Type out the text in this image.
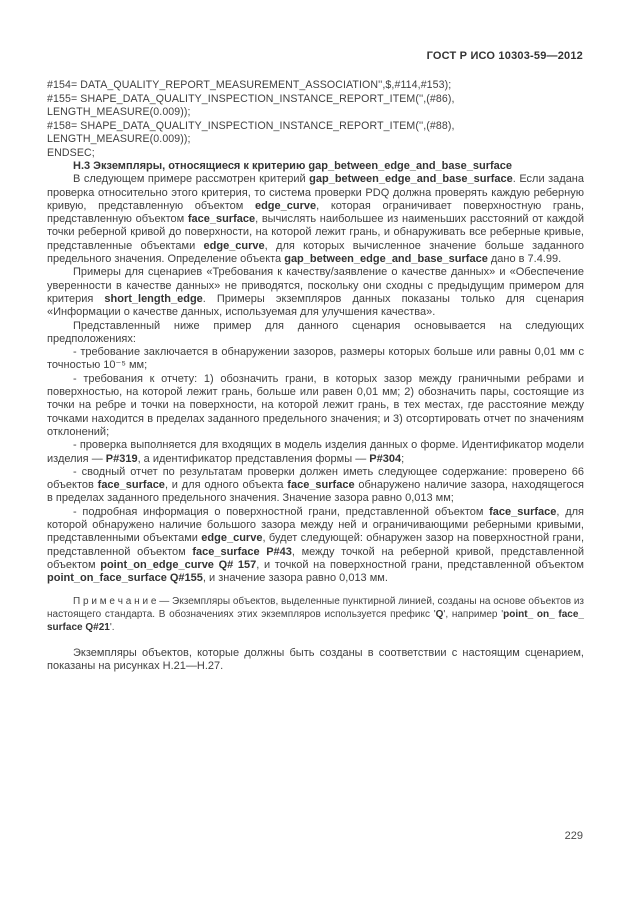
ГОСТ Р ИСО 10303-59—2012
#154= DATA_QUALITY_REPORT_MEASUREMENT_ASSOCIATION'',$,#114,#153);
#155= SHAPE_DATA_QUALITY_INSPECTION_INSTANCE_REPORT_ITEM('',(#86),
LENGTH_MEASURE(0.009));
#158= SHAPE_DATA_QUALITY_INSPECTION_INSTANCE_REPORT_ITEM('',(#88),
LENGTH_MEASURE(0.009));
ENDSEC;

Н.3 Экземпляры, относящиеся к критерию gap_between_edge_and_base_surface

В следующем примере рассмотрен критерий gap_between_edge_and_base_surface. Если задана проверка относительно этого критерия, то система проверки PDQ должна проверять каждую реберную кривую, представленную объектом edge_curve, которая ограничивает поверхностную грань, представленную объектом face_surface, вычислять наибольшее из наименьших расстояний от каждой точки реберной кривой до поверхности, на которой лежит грань, и обнаруживать все реберные кривые, представленные объектами edge_curve, для которых вычисленное значение больше заданного предельного значения. Определение объекта gap_between_edge_and_base_surface дано в 7.4.99.

Примеры для сценариев «Требования к качеству/заявление о качестве данных» и «Обеспечение уверенности в качестве данных» не приводятся, поскольку они сходны с предыдущим примером для критерия short_length_edge. Примеры экземпляров данных показаны только для сценария «Информации о качестве данных, используемая для улучшения качества».

Представленный ниже пример для данного сценария основывается на следующих предположениях:

- требование заключается в обнаружении зазоров, размеры которых больше или равны 0,01 мм с точностью 10⁻⁵ мм;

- требования к отчету: 1) обозначить грани, в которых зазор между граничными ребрами и поверхностью, на которой лежит грань, больше или равен 0,01 мм; 2) обозначить пары, состоящие из точки на ребре и точки на поверхности, на которой лежит грань, в тех местах, где расстояние между точками находится в пределах заданного предельного значения; и 3) отсортировать отчет по значениям отклонений;

- проверка выполняется для входящих в модель изделия данных о форме. Идентификатор модели изделия — P#319, а идентификатор представления формы — P#304;

- сводный отчет по результатам проверки должен иметь следующее содержание: проверено 66 объектов face_surface, и для одного объекта face_surface обнаружено наличие зазора, находящегося в пределах заданного предельного значения. Значение зазора равно 0,013 мм;

- подробная информация о поверхностной грани, представленной объектом face_surface, для которой обнаружено наличие большого зазора между ней и ограничивающими реберными кривыми, представленными объектами edge_curve, будет следующей: обнаружен зазор на поверхностной грани, представленной объектом face_surface P#43, между точкой на реберной кривой, представленной объектом point_on_edge_curve Q# 157, и точкой на поверхностной грани, представленной объектом point_on_face_surface Q#155, и значение зазора равно 0,013 мм.

П р и м е ч а н и е — Экземпляры объектов, выделенные пунктирной линией, созданы на основе объектов из настоящего стандарта. В обозначениях этих экземпляров используется префикс 'Q', например 'point_ on_ face_ surface Q#21'.

Экземпляры объектов, которые должны быть созданы в соответствии с настоящим сценарием, показаны на рисунках Н.21—Н.27.

229
